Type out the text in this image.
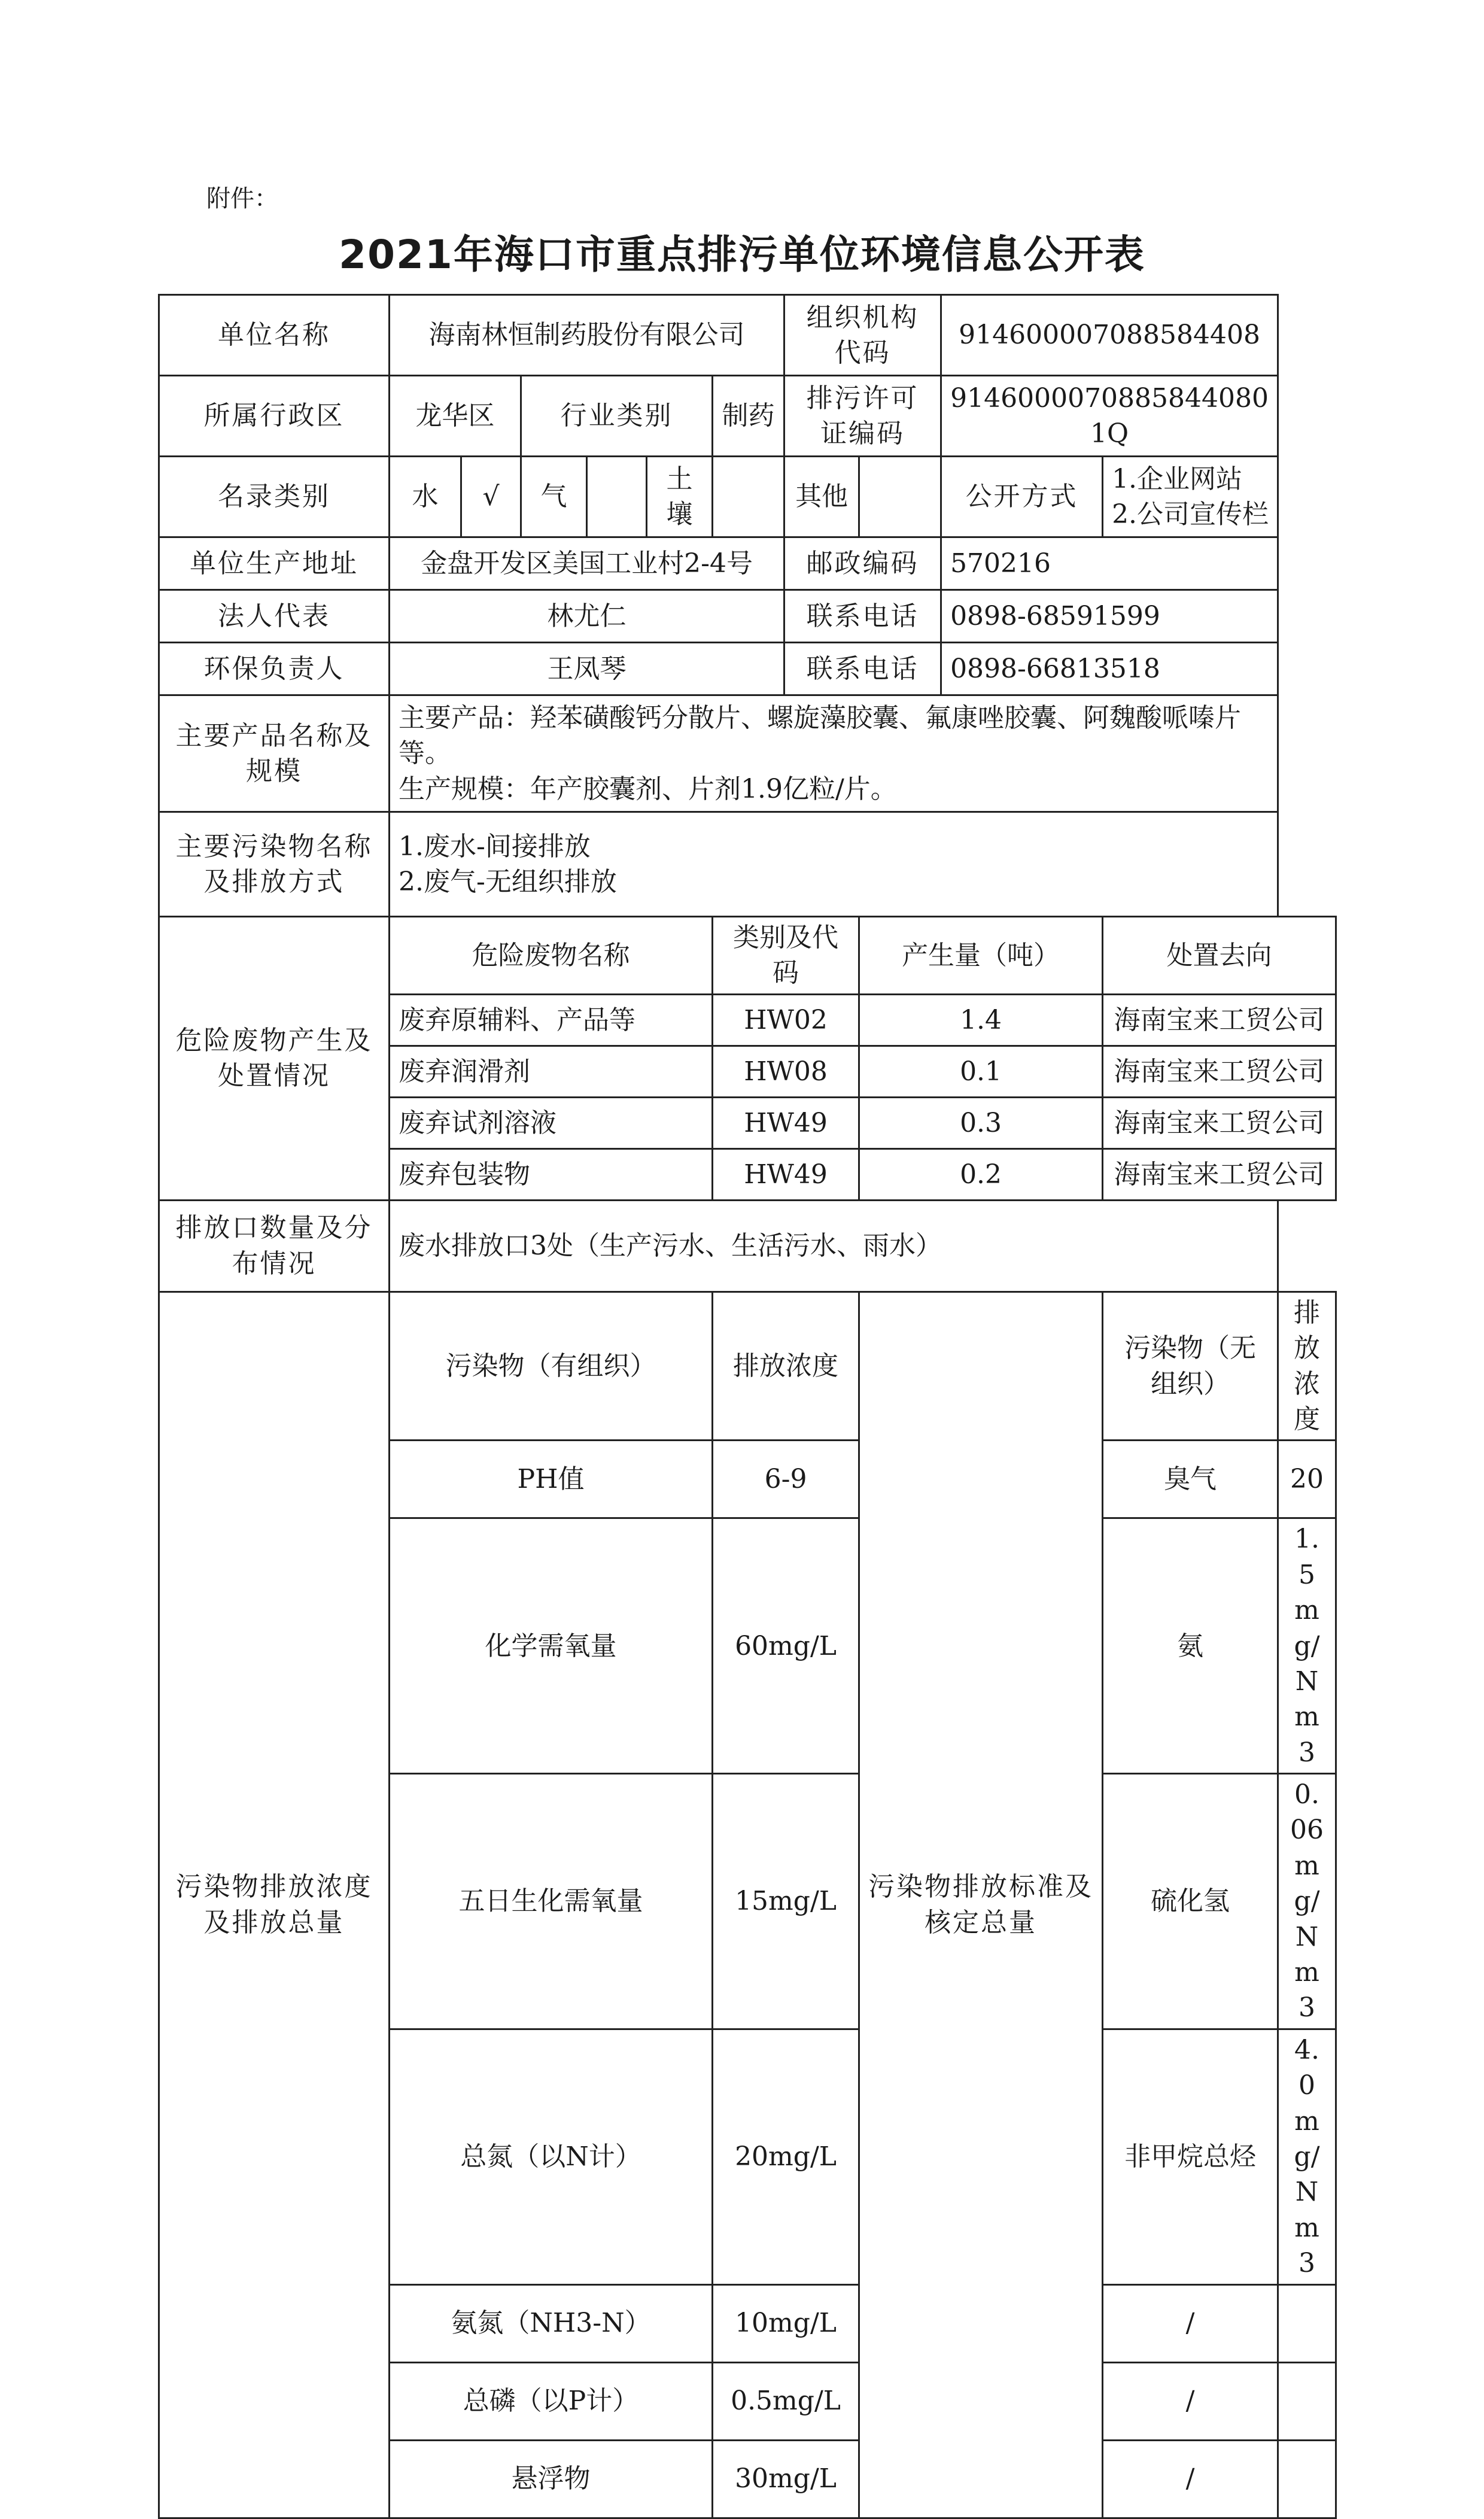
附件：
2021年海口市重点排污单位环境信息公开表
单位名称	海南林恒制药股份有限公司						组织机构代码		914600007088584408		
所属行政区	龙华区		行业类别			制药	排污许可证编码		91460000708858440801Q		
名录类别	水	√	气		土壤		其他		公开方式	1.企业网站
2.公司宣传栏	

单位生产地址	金盘开发区美国工业村2-4号						邮政编码		570216		
法人代表	林尤仁						联系电话		0898-68591599		
环保负责人	王凤琴						联系电话		0898-66813518		
主要产品名称及规模	主要产品：羟苯磺酸钙分散片、螺旋藻胶囊、氟康唑胶囊、阿魏酸哌嗪片等。
生产规模：年产胶囊剂、片剂1.9亿粒/片。										

主要污染物名称及排放方式	1.废水-间接排放
2.废气-无组织排放										

危险废物产生及处置情况	危险废物名称					类别及代码		产生量（吨）		处置去向	
	废弃原辅料、产品等					HW02		1.4		海南宝来工贸公司	
	废弃润滑剂					HW08		0.1		海南宝来工贸公司	
	废弃试剂溶液					HW49		0.3		海南宝来工贸公司	
	废弃包装物					HW49		0.2		海南宝来工贸公司	
排放口数量及分布情况	废水排放口3处（生产污水、生活污水、雨水）										
污染物排放浓度及排放总量	污染物（有组织）					排放浓度		污染物排放标准及核定总量		污染物（无组织）	排放浓度
	PH值					6-9				臭气	20
	化学需氧量					60mg/L				氨	1.5mg/Nm3
	五日生化需氧量					15mg/L				硫化氢	0.06mg/Nm3
	总氮（以N计）					20mg/L				非甲烷总烃	4.0mg/Nm3
	氨氮（NH3-N）					10mg/L				/	
	总磷（以P计）					0.5mg/L				/	
	悬浮物					30mg/L				/	
